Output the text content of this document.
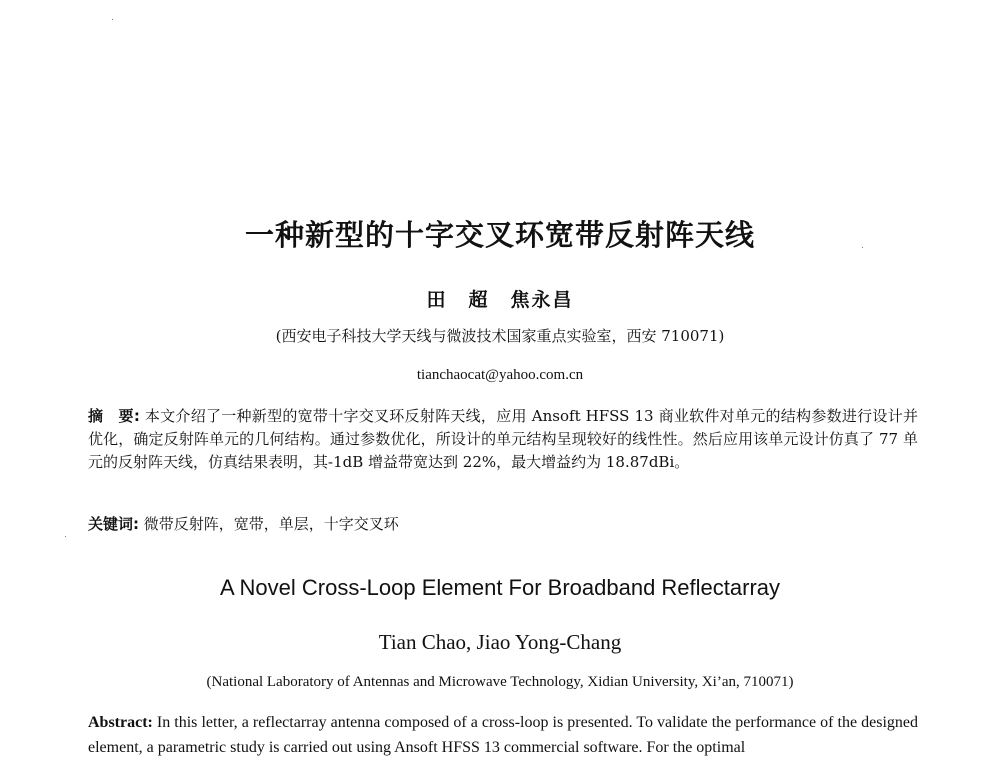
一种新型的十字交叉环宽带反射阵天线
田　超　焦永昌
(西安电子科技大学天线与微波技术国家重点实验室，西安 710071)
tianchaocat@yahoo.com.cn
摘　要: 本文介绍了一种新型的宽带十字交叉环反射阵天线，应用 Ansoft HFSS 13 商业软件对单元的结构参数进行设计并优化，确定反射阵单元的几何结构。通过参数优化，所设计的单元结构呈现较好的线性性。然后应用该单元设计仿真了 77 单元的反射阵天线，仿真结果表明，其-1dB 增益带宽达到 22%，最大增益约为 18.87dBi。
关键词: 微带反射阵，宽带，单层，十字交叉环
A Novel Cross-Loop Element For Broadband Reflectarray
Tian Chao, Jiao Yong-Chang
(National Laboratory of Antennas and Microwave Technology, Xidian University, Xi’an, 710071)
Abstract: In this letter, a reflectarray antenna composed of a cross-loop is presented. To validate the performance of the designed element, a parametric study is carried out using Ansoft HFSS 13 commercial software. For the optimal
